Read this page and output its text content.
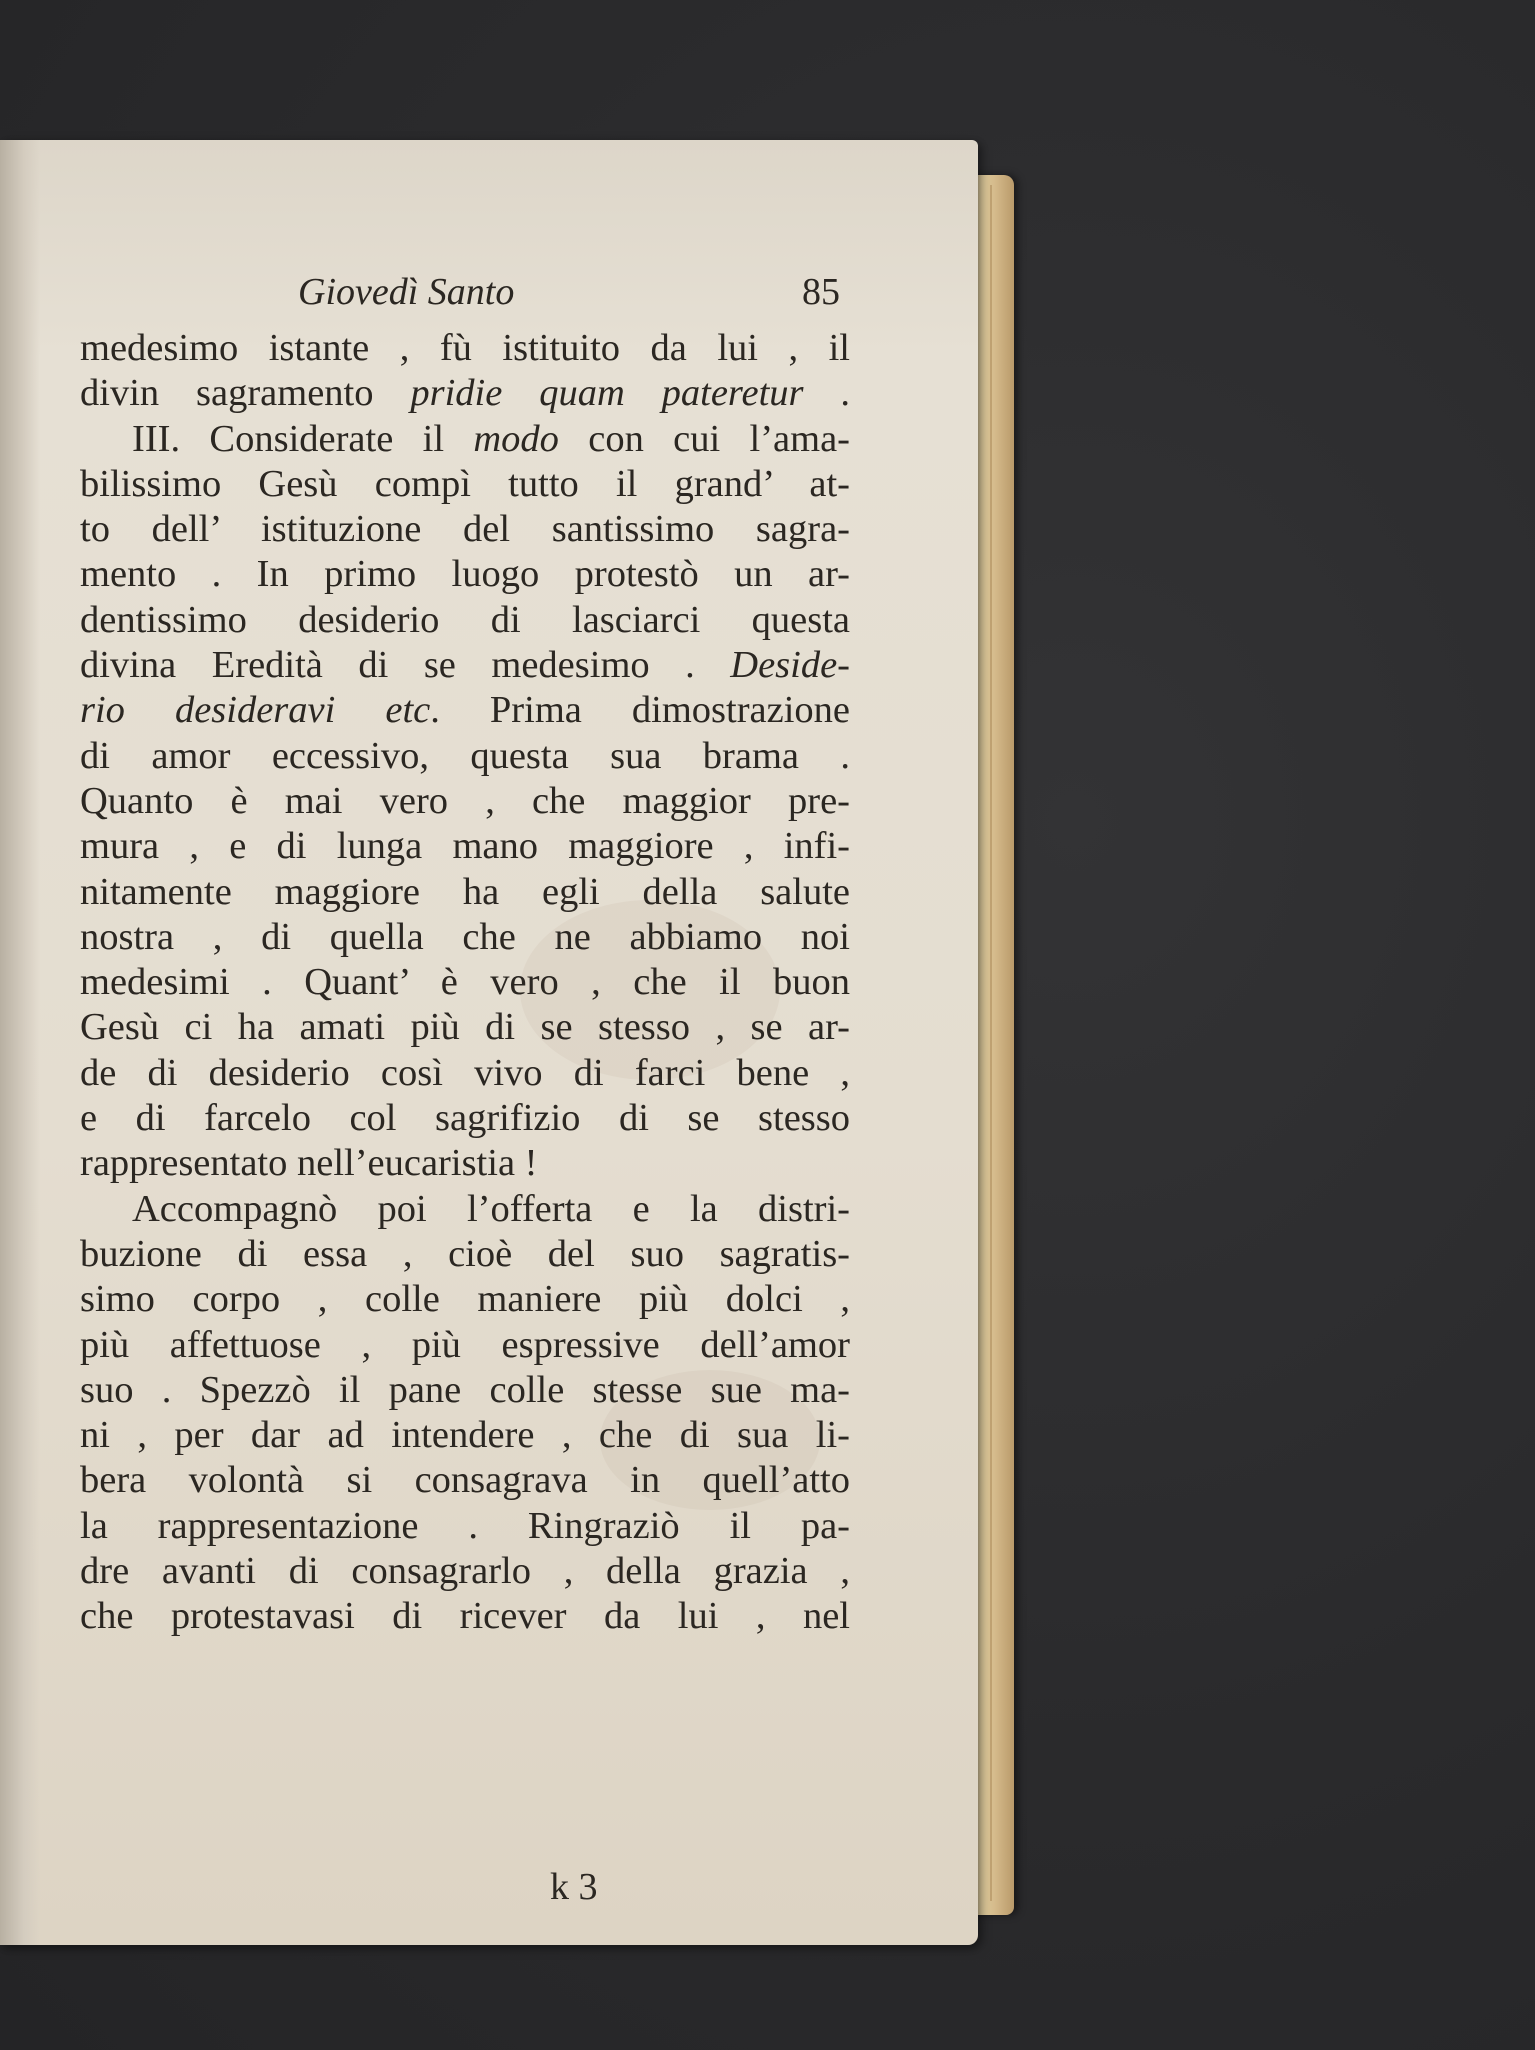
Giovedì Santo	85
medesimo istante , fù istituito da lui , il
divin sagramento pridie quam pateretur .
III. Considerate il modo con cui l’ama-
bilissimo Gesù compì tutto il grand’ at-
to dell’ istituzione del santissimo sagra-
mento . In primo luogo protestò un ar-
dentissimo desiderio di lasciarci questa
divina Eredità di se medesimo . Deside-
rio desideravi etc. Prima dimostrazione
di amor eccessivo, questa sua brama .
Quanto è mai vero , che maggior pre-
mura , e di lunga mano maggiore , infi-
nitamente maggiore ha egli della salute
nostra , di quella che ne abbiamo noi
medesimi . Quant’ è vero , che il buon
Gesù ci ha amati più di se stesso , se ar-
de di desiderio così vivo di farci bene ,
e di farcelo col sagrifizio di se stesso
rappresentato nell’eucaristia !
Accompagnò poi l’offerta e la distri-
buzione di essa , cioè del suo sagratis-
simo corpo , colle maniere più dolci ,
più affettuose , più espressive dell’amor
suo . Spezzò il pane colle stesse sue ma-
ni , per dar ad intendere , che di sua li-
bera volontà si consagrava in quell’atto
la rappresentazione . Ringraziò il pa-
dre avanti di consagrarlo , della grazia ,
che protestavasi di ricever da lui , nel
k 3
